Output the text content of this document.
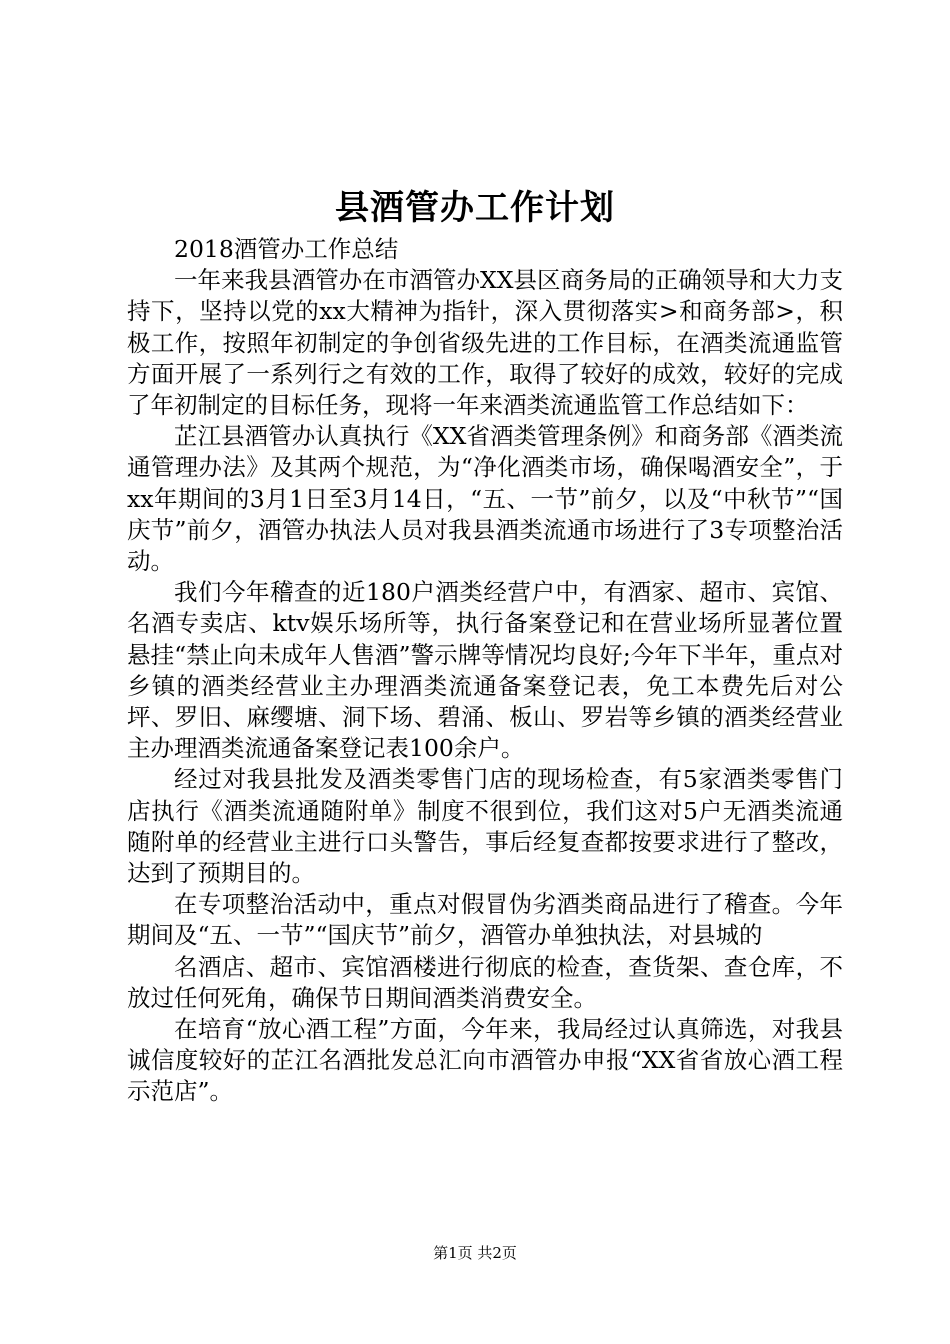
县酒管办工作计划

2018酒管办工作总结

一年来我县酒管办在市酒管办XX县区商务局的正确领导和大力支持下，坚持以党的xx大精神为指针，深入贯彻落实>和商务部>，积极工作，按照年初制定的争创省级先进的工作目标，在酒类流通监管方面开展了一系列行之有效的工作，取得了较好的成效，较好的完成了年初制定的目标任务，现将一年来酒类流通监管工作总结如下：

芷江县酒管办认真执行《XX省酒类管理条例》和商务部《酒类流通管理办法》及其两个规范，为“净化酒类市场，确保喝酒安全”，于xx年期间的3月1日至3月14日，“五、一节”前夕，以及“中秋节”“国庆节”前夕，酒管办执法人员对我县酒类流通市场进行了3专项整治活动。

我们今年稽查的近180户酒类经营户中，有酒家、超市、宾馆、名酒专卖店、ktv娱乐场所等，执行备案登记和在营业场所显著位置悬挂“禁止向未成年人售酒”警示牌等情况均良好;今年下半年，重点对乡镇的酒类经营业主办理酒类流通备案登记表，免工本费先后对公坪、罗旧、麻缨塘、洞下场、碧涌、板山、罗岩等乡镇的酒类经营业主办理酒类流通备案登记表100余户。

经过对我县批发及酒类零售门店的现场检查，有5家酒类零售门店执行《酒类流通随附单》制度不很到位，我们这对5户无酒类流通随附单的经营业主进行口头警告，事后经复查都按要求进行了整改，达到了预期目的。

在专项整治活动中，重点对假冒伪劣酒类商品进行了稽查。今年期间及“五、一节”“国庆节”前夕，酒管办单独执法，对县城的

名酒店、超市、宾馆酒楼进行彻底的检查，查货架、查仓库，不放过任何死角，确保节日期间酒类消费安全。

在培育“放心酒工程”方面，今年来，我局经过认真筛选，对我县诚信度较好的芷江名酒批发总汇向市酒管办申报“XX省省放心酒工程示范店”。

第1页 共2页
